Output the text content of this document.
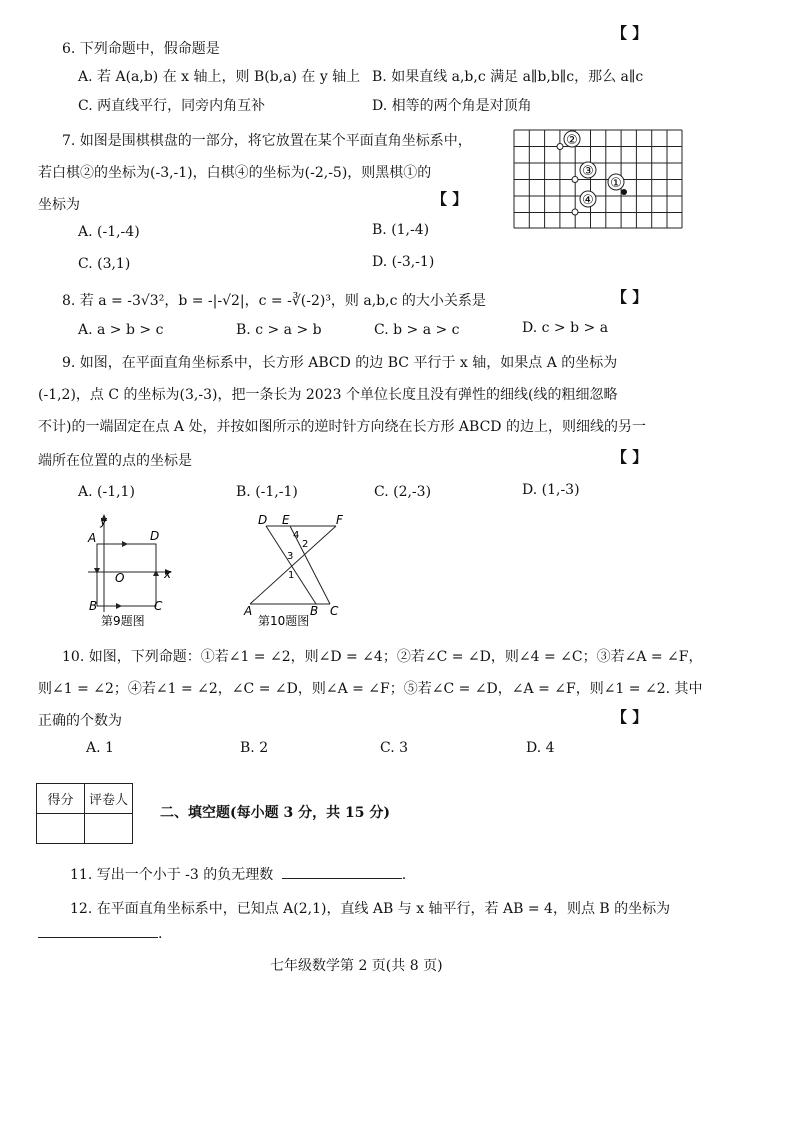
6. 下列命题中，假命题是
【 】
A. 若 A(a,b) 在 x 轴上，则 B(b,a) 在 y 轴上 B. 如果直线 a,b,c 满足 a∥b,b∥c，那么 a∥c
C. 两直线平行，同旁内角互补	D. 相等的两个角是对顶角
7. 如图是围棋棋盘的一部分，将它放置在某个平面直角坐标系中，
若白棋②的坐标为(-3,-1)，白棋④的坐标为(-2,-5)，则黑棋①的
坐标为	【 】
A. (-1,-4)	B. (1,-4)
C. (3,1)	D. (-3,-1)
②
③
①
④
8. 若 a = -3√3²，b = -|-√2|，c = -∛(-2)³，则 a,b,c 的大小关系是	【 】
A. a > b > c	B. c > a > b	C. b > a > c	D. c > b > a
9. 如图，在平面直角坐标系中，长方形 ABCD 的边 BC 平行于 x 轴，如果点 A 的坐标为
(-1,2)，点 C 的坐标为(3,-3)，把一条长为 2023 个单位长度且没有弹性的细线(线的粗细忽略
不计)的一端固定在点 A 处，并按如图所示的逆时针方向绕在长方形 ABCD 的边上，则细线的另一
端所在位置的点的坐标是	【 】
A. (-1,1)	B. (-1,-1)	C. (2,-3)	D. (1,-3)
y
x
O
A	D
B	C
第9题图
D E	F
A	B C
4
2
3
1
第10题图
10. 如图，下列命题：①若∠1 = ∠2，则∠D = ∠4；②若∠C = ∠D，则∠4 = ∠C；③若∠A = ∠F，
则∠1 = ∠2；④若∠1 = ∠2，∠C = ∠D，则∠A = ∠F；⑤若∠C = ∠D，∠A = ∠F，则∠1 = ∠2. 其中
正确的个数为	【 】
A. 1	B. 2	C. 3	D. 4
得分	评卷人

二、填空题(每小题 3 分，共 15 分)
11. 写出一个小于 -3 的负无理数	.
12. 在平面直角坐标系中，已知点 A(2,1)，直线 AB 与 x 轴平行，若 AB = 4，则点 B 的坐标为
.
七年级数学第 2 页(共 8 页)
